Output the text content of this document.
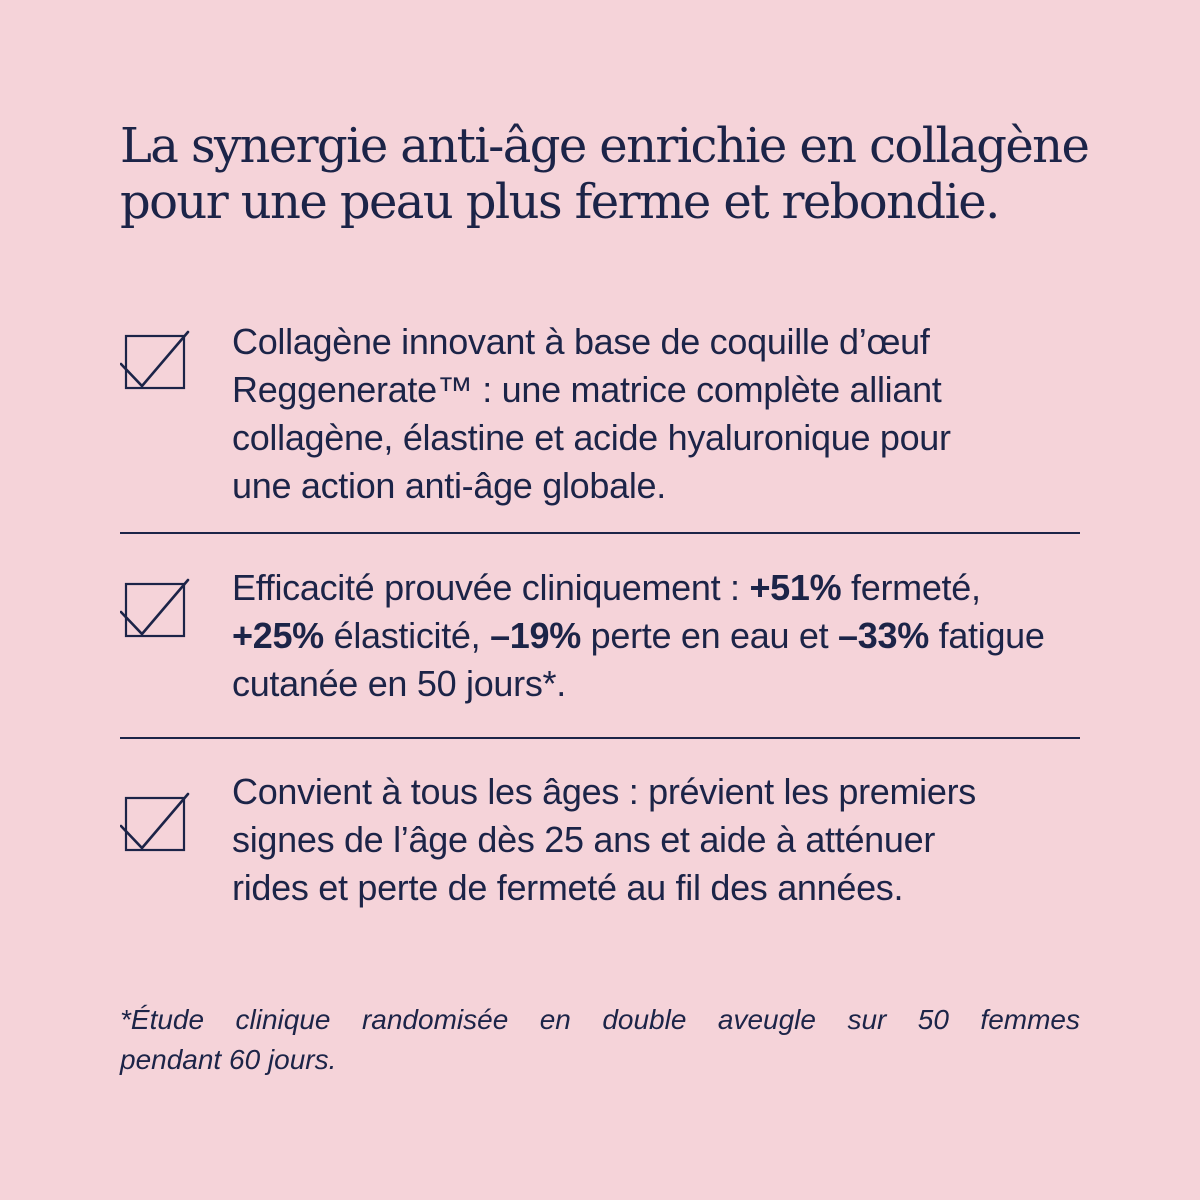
La synergie anti-âge enrichie en collagène
pour une peau plus ferme et rebondie.

Collagène innovant à base de coquille d’œuf
Reggenerate™ : une matrice complète alliant
collagène, élastine et acide hyaluronique pour
une action anti-âge globale.

Efficacité prouvée cliniquement : +51% fermeté,
+25% élasticité, –19% perte en eau et –33% fatigue
cutanée en 50 jours*.

Convient à tous les âges : prévient les premiers
signes de l’âge dès 25 ans et aide à atténuer
rides et perte de fermeté au fil des années.

*Étude clinique randomisée en double aveugle sur 50 femmes
pendant 60 jours.
